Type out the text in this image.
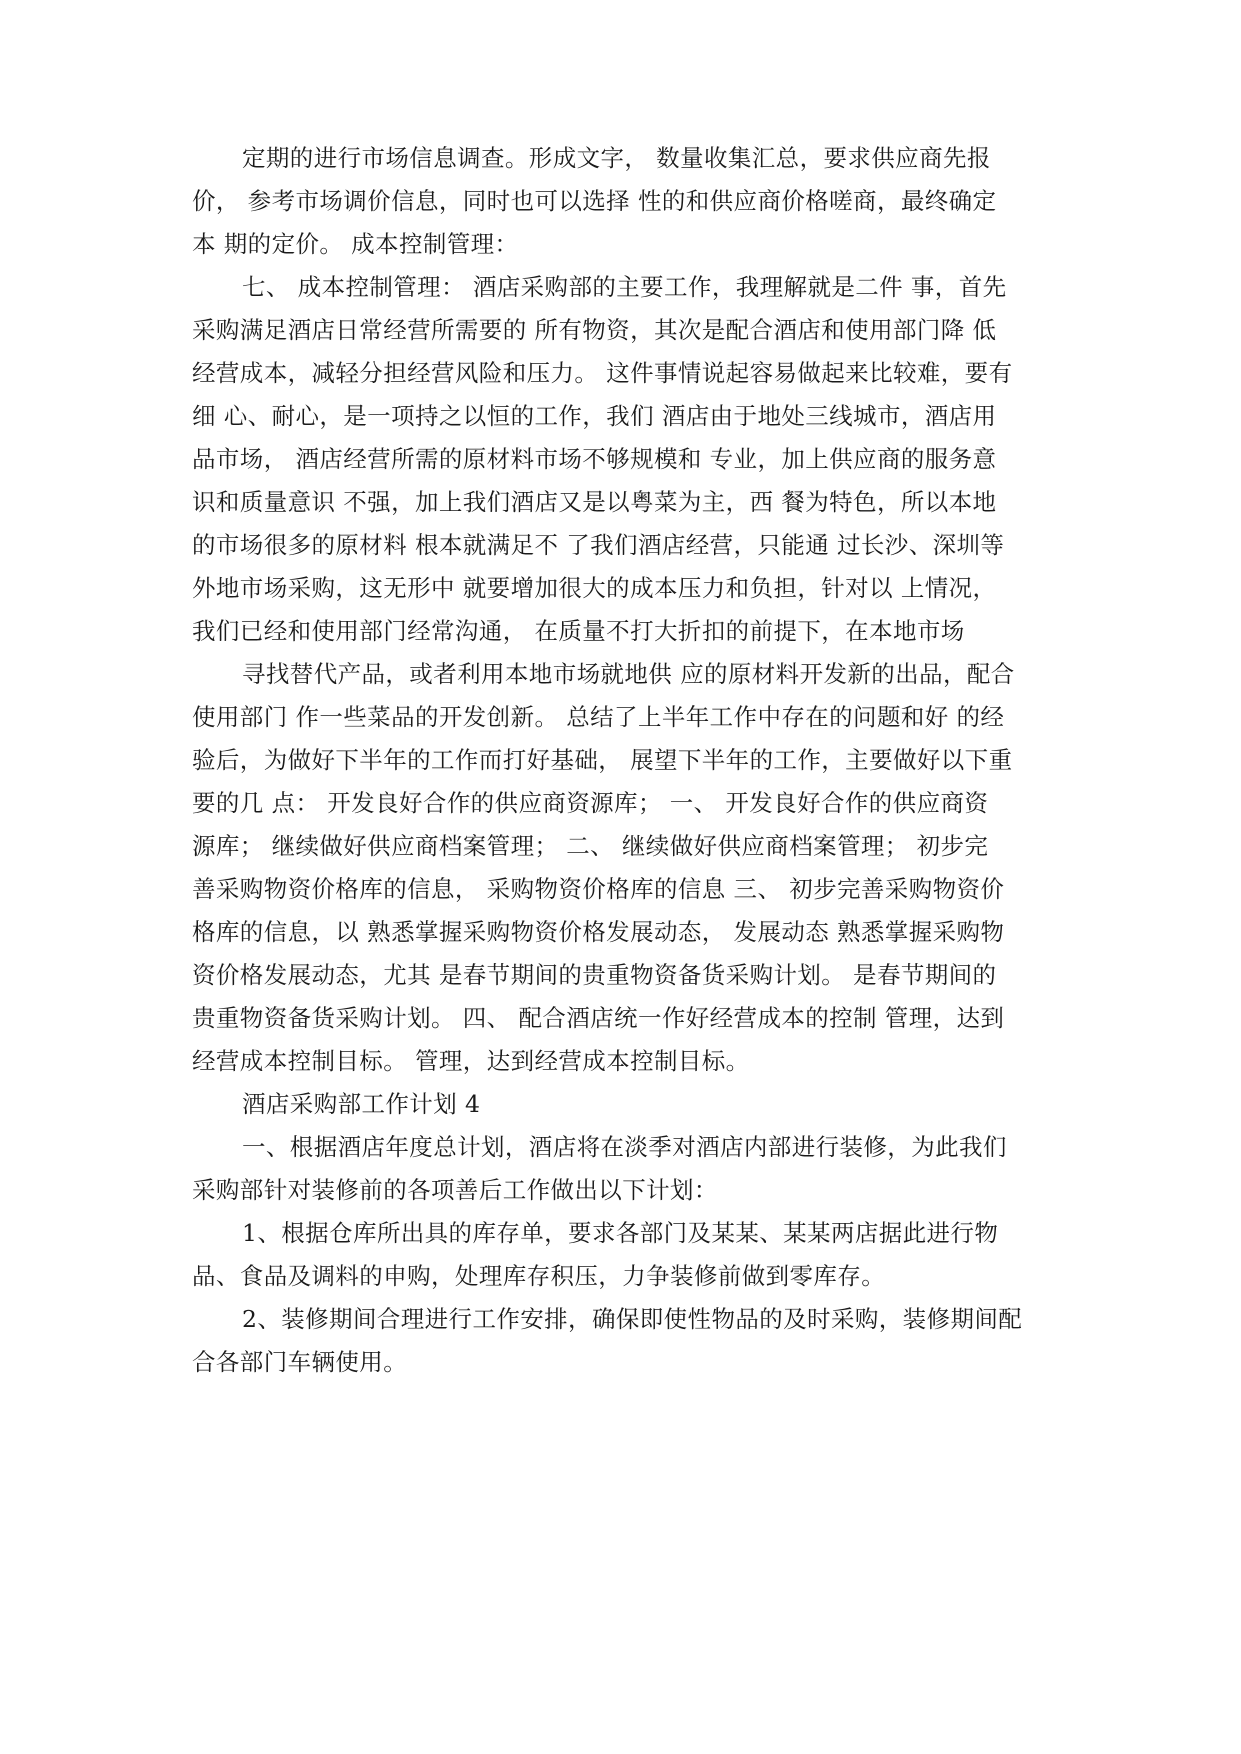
定期的进行市场信息调查。形成文字， 数量收集汇总，要求供应商先报
价， 参考市场调价信息，同时也可以选择 性的和供应商价格嗟商，最终确定
本 期的定价。 成本控制管理：
七、 成本控制管理： 酒店采购部的主要工作，我理解就是二件 事，首先
采购满足酒店日常经营所需要的 所有物资，其次是配合酒店和使用部门降 低
经营成本，减轻分担经营风险和压力。 这件事情说起容易做起来比较难，要有
细 心、耐心，是一项持之以恒的工作，我们 酒店由于地处三线城市，酒店用
品市场， 酒店经营所需的原材料市场不够规模和 专业，加上供应商的服务意
识和质量意识 不强，加上我们酒店又是以粤菜为主，西 餐为特色，所以本地
的市场很多的原材料 根本就满足不 了我们酒店经营，只能通 过长沙、深圳等
外地市场采购，这无形中 就要增加很大的成本压力和负担，针对以 上情况，
我们已经和使用部门经常沟通， 在质量不打大折扣的前提下，在本地市场
寻找替代产品，或者利用本地市场就地供 应的原材料开发新的出品，配合
使用部门 作一些菜品的开发创新。 总结了上半年工作中存在的问题和好 的经
验后，为做好下半年的工作而打好基础， 展望下半年的工作，主要做好以下重
要的几 点： 开发良好合作的供应商资源库； 一、 开发良好合作的供应商资
源库； 继续做好供应商档案管理； 二、 继续做好供应商档案管理； 初步完
善采购物资价格库的信息， 采购物资价格库的信息 三、 初步完善采购物资价
格库的信息，以 熟悉掌握采购物资价格发展动态， 发展动态 熟悉掌握采购物
资价格发展动态，尤其 是春节期间的贵重物资备货采购计划。 是春节期间的
贵重物资备货采购计划。 四、 配合酒店统一作好经营成本的控制 管理，达到
经营成本控制目标。 管理，达到经营成本控制目标。
酒店采购部工作计划 4
一、根据酒店年度总计划，酒店将在淡季对酒店内部进行装修，为此我们
采购部针对装修前的各项善后工作做出以下计划：
1、根据仓库所出具的库存单，要求各部门及某某、某某两店据此进行物
品、食品及调料的申购，处理库存积压，力争装修前做到零库存。
2、装修期间合理进行工作安排，确保即使性物品的及时采购，装修期间配
合各部门车辆使用。
